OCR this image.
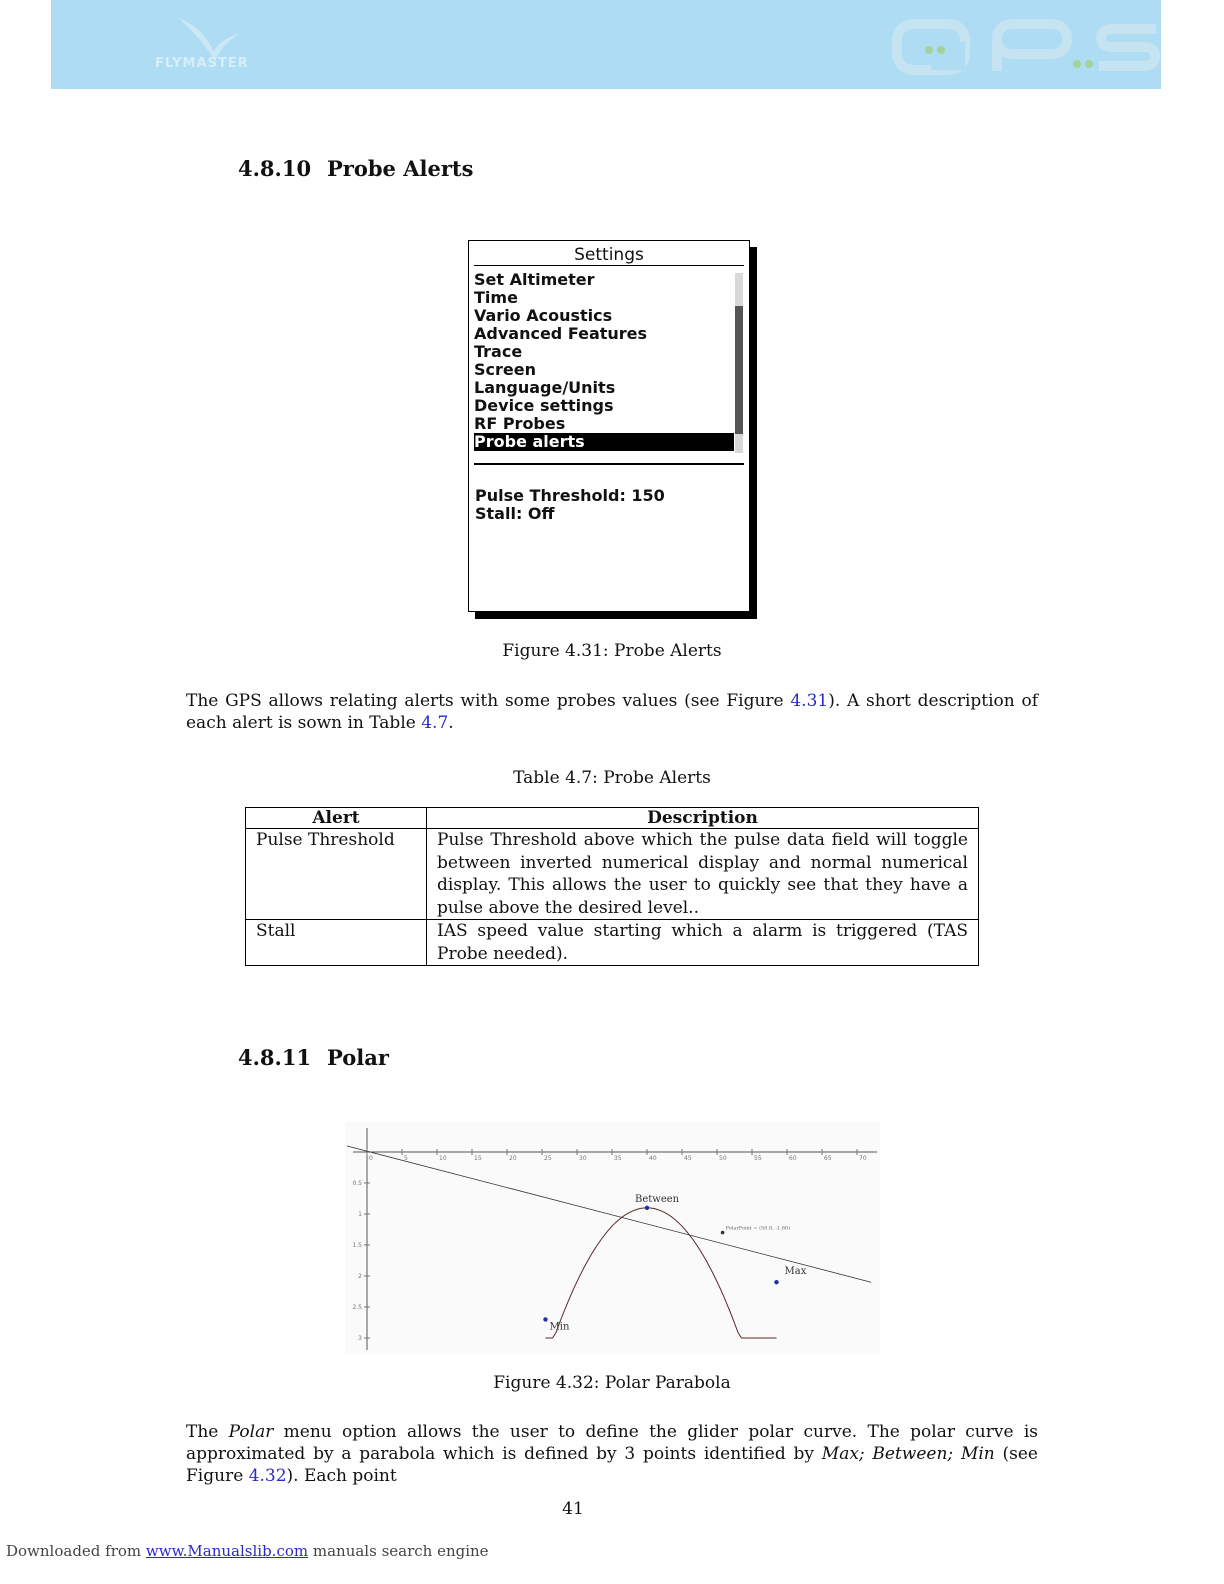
FLYMASTER
4.8.10 Probe Alerts
Settings
Set Altimeter
Time
Vario Acoustics
Advanced Features
Trace
Screen
Language/Units
Device settings
RF Probes
Probe alerts
Pulse Threshold: 150
Stall: Off
Figure 4.31: Probe Alerts
The GPS allows relating alerts with some probes values (see Figure 4.31). A short description of each alert is sown in Table 4.7.
Table 4.7: Probe Alerts
Alert	Description
Pulse Threshold	Pulse Threshold above which the pulse data field will toggle between inverted numerical display and normal numerical display. This allows the user to quickly see that they have a pulse above the desired level..
Stall	IAS speed value starting which a alarm is triggered (TAS Probe needed).
4.8.11 Polar
0	5	10	15	20	25	30	35	40	45	50	55	60	65	70
0.5
1
1.5
2
2.5
3
Min
Between
Max
PolarPoint = (50.8, -1.60)
Figure 4.32: Polar Parabola
The Polar menu option allows the user to define the glider polar curve. The polar curve is approximated by a parabola which is defined by 3 points identified by Max; Between; Min (see Figure 4.32). Each point
41
Downloaded from www.Manualslib.com manuals search engine
